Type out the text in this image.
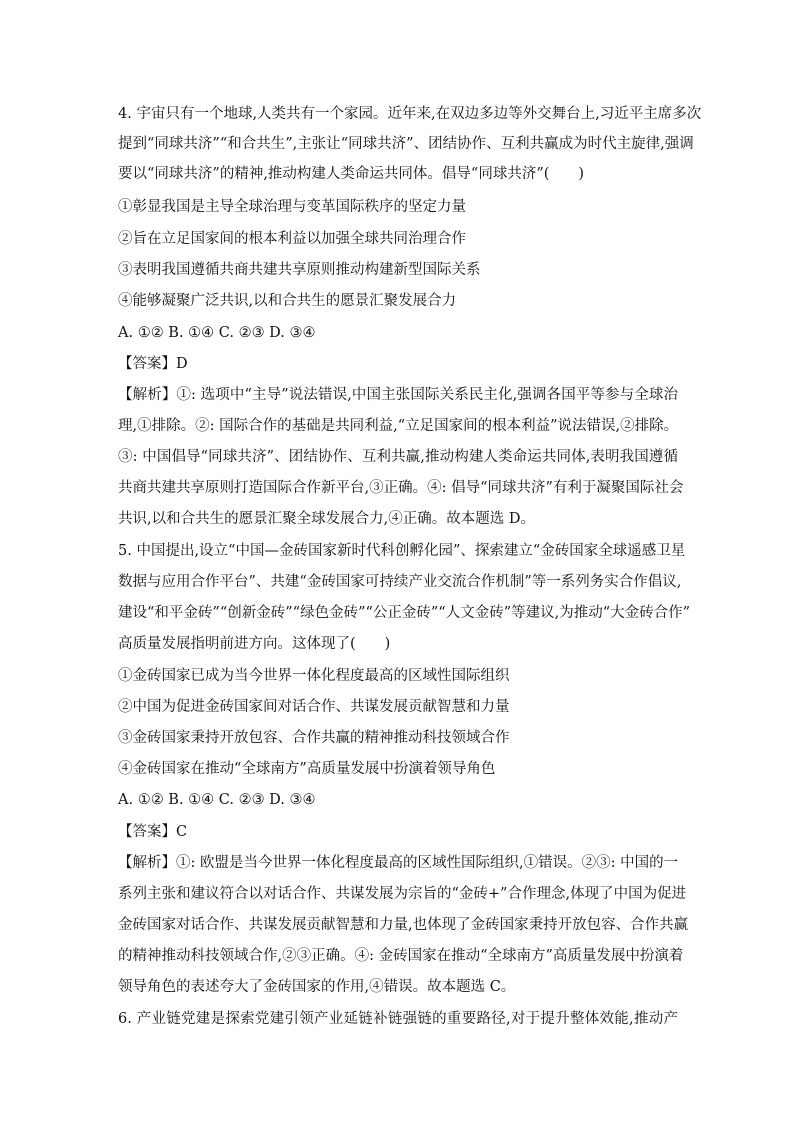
4. 宇宙只有一个地球,人类共有一个家园。近年来,在双边多边等外交舞台上,习近平主席多次
提到“同球共济”“和合共生”,主张让“同球共济”、团结协作、互利共赢成为时代主旋律,强调
要以“同球共济”的精神,推动构建人类命运共同体。倡导“同球共济”(　　)
①彰显我国是主导全球治理与变革国际秩序的坚定力量
②旨在立足国家间的根本利益以加强全球共同治理合作
③表明我国遵循共商共建共享原则推动构建新型国际关系
④能够凝聚广泛共识,以和合共生的愿景汇聚发展合力
A. ①② B. ①④ C. ②③ D. ③④
【答案】D
【解析】①: 选项中“主导”说法错误,中国主张国际关系民主化,强调各国平等参与全球治
理,①排除。②: 国际合作的基础是共同利益,“立足国家间的根本利益”说法错误,②排除。
③: 中国倡导“同球共济”、团结协作、互利共赢,推动构建人类命运共同体,表明我国遵循
共商共建共享原则打造国际合作新平台,③正确。④: 倡导“同球共济”有利于凝聚国际社会
共识,以和合共生的愿景汇聚全球发展合力,④正确。故本题选 D。
5. 中国提出,设立“中国—金砖国家新时代科创孵化园”、探索建立“金砖国家全球遥感卫星
数据与应用合作平台”、共建“金砖国家可持续产业交流合作机制”等一系列务实合作倡议,
建设“和平金砖”“创新金砖”“绿色金砖”“公正金砖”“人文金砖”等建议,为推动“大金砖合作”
高质量发展指明前进方向。这体现了(　　)
①金砖国家已成为当今世界一体化程度最高的区域性国际组织
②中国为促进金砖国家间对话合作、共谋发展贡献智慧和力量
③金砖国家秉持开放包容、合作共赢的精神推动科技领域合作
④金砖国家在推动“全球南方”高质量发展中扮演着领导角色
A. ①② B. ①④ C. ②③ D. ③④
【答案】C
【解析】①: 欧盟是当今世界一体化程度最高的区域性国际组织,①错误。②③: 中国的一
系列主张和建议符合以对话合作、共谋发展为宗旨的“金砖+”合作理念,体现了中国为促进
金砖国家对话合作、共谋发展贡献智慧和力量,也体现了金砖国家秉持开放包容、合作共赢
的精神推动科技领域合作,②③正确。④: 金砖国家在推动“全球南方”高质量发展中扮演着
领导角色的表述夸大了金砖国家的作用,④错误。故本题选 C。
6. 产业链党建是探索党建引领产业延链补链强链的重要路径,对于提升整体效能,推动产
